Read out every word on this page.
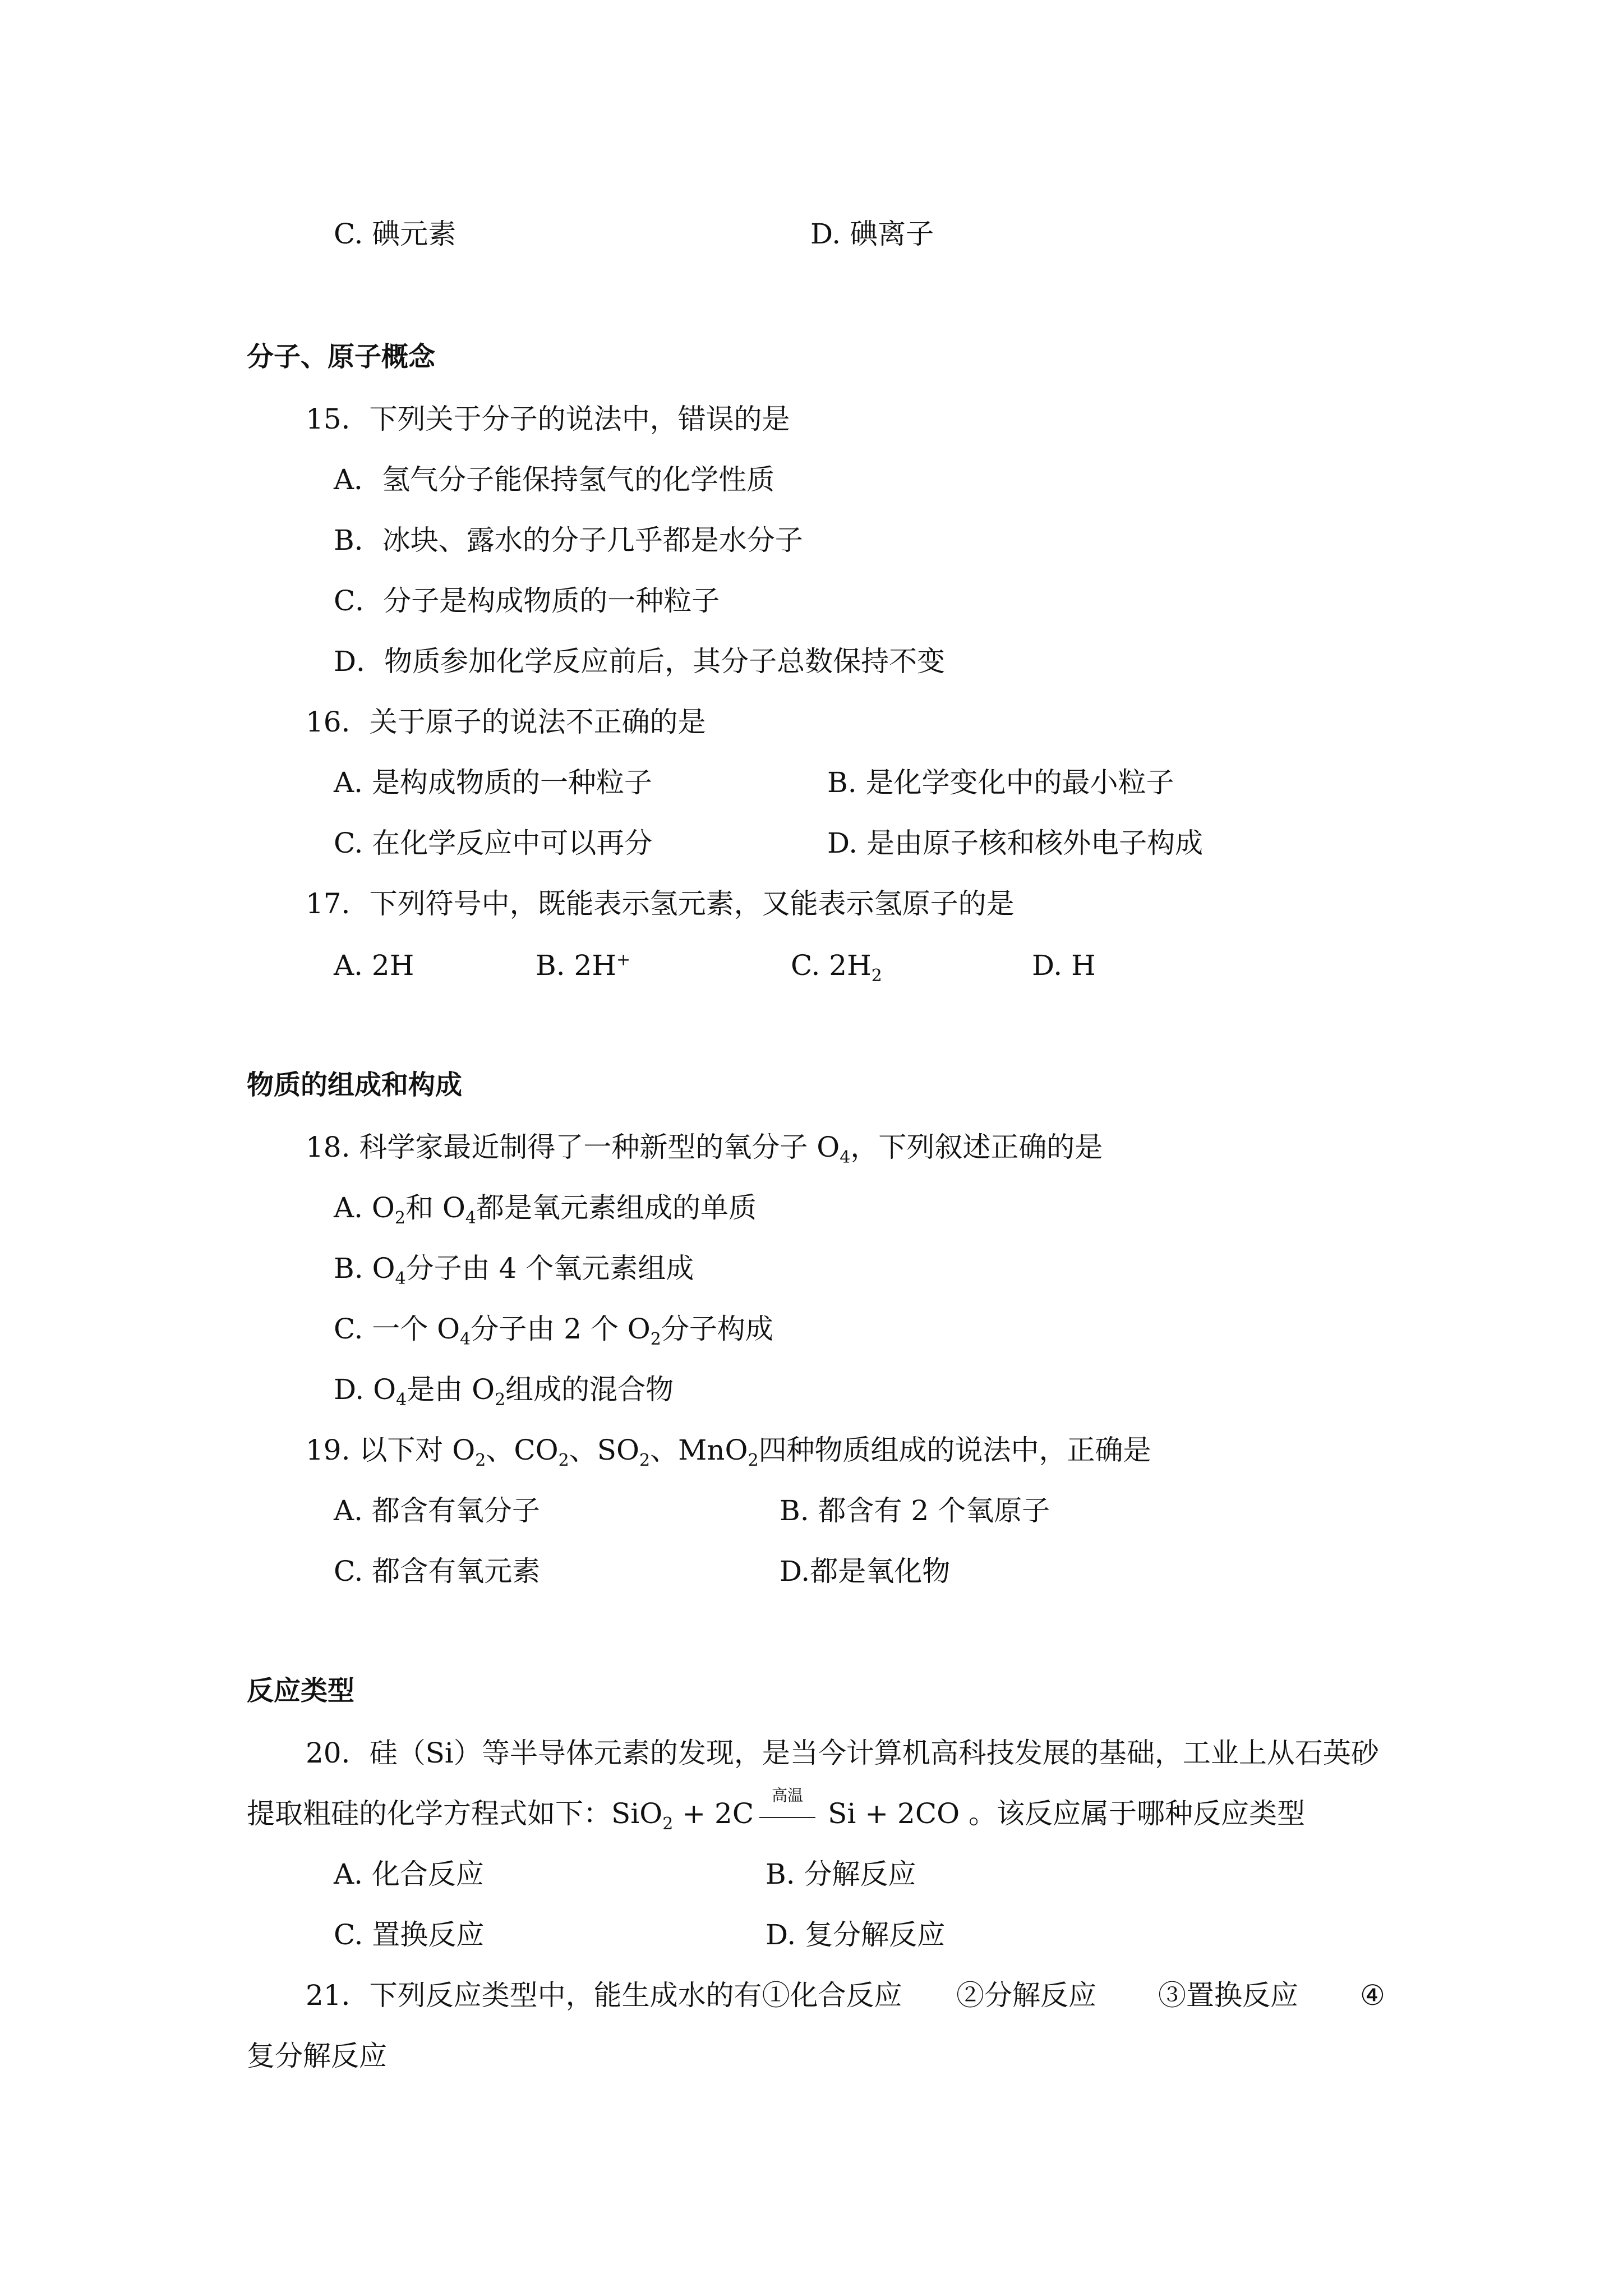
C. 碘元素	D. 碘离子
分子、原子概念
15．下列关于分子的说法中，错误的是
A．氢气分子能保持氢气的化学性质
B．冰块、露水的分子几乎都是水分子
C．分子是构成物质的一种粒子
D．物质参加化学反应前后，其分子总数保持不变
16．关于原子的说法不正确的是
A. 是构成物质的一种粒子	B. 是化学变化中的最小粒子
C. 在化学反应中可以再分	D. 是由原子核和核外电子构成
17．下列符号中，既能表示氢元素，又能表示氢原子的是
A. 2H	B. 2H+	C. $2H_2$	D. H
物质的组成和构成
18. 科学家最近制得了一种新型的氧分子 $O_4$，下列叙述正确的是
A. $O_2$和 $O_4$都是氧元素组成的单质
B. $O_4$分子由 4 个氧元素组成
C. 一个 $O_4$分子由 2 个 $O_2$分子构成
D. $O_4$是由 $O_2$组成的混合物
19. 以下对 $O_2$、$CO_2$、$SO_2$、MnO$_2$四种物质组成的说法中，正确是
A. 都含有氧分子	B. 都含有 2 个氧原子
C. 都含有氧元素	D.都是氧化物
反应类型
20．硅（Si）等半导体元素的发现，是当今计算机高科技发展的基础，工业上从石英砂
提取粗硅的化学方程式如下：SiO$_2$ + 2C
高温
Si + 2CO 。该反应属于哪种反应类型
A. 化合反应	B. 分解反应
C. 置换反应	D. 复分解反应
21．下列反应类型中，能生成水的有①化合反应 ②分解反应 ③置换反应 ④
复分解反应
